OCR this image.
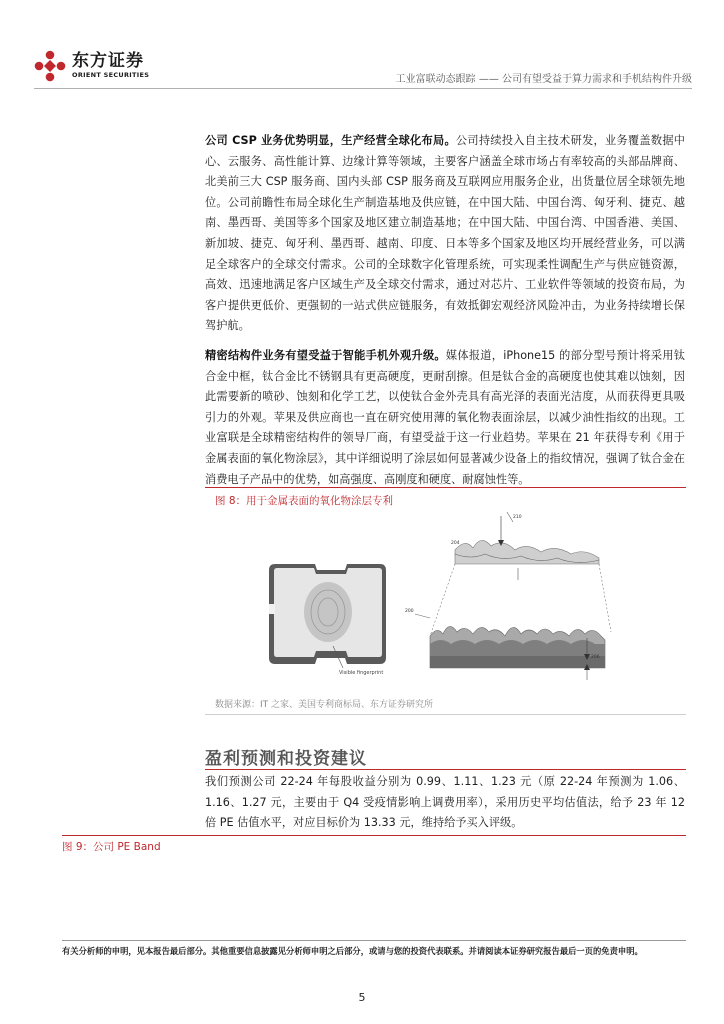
东方证券
ORIENT SECURITIES	工业富联动态跟踪 —— 公司有望受益于算力需求和手机结构件升级
公司 CSP 业务优势明显，生产经营全球化布局。公司持续投入自主技术研发，业务覆盖数据中心、云服务、高性能计算、边缘计算等领域，主要客户涵盖全球市场占有率较高的头部品牌商、北美前三大 CSP 服务商、国内头部 CSP 服务商及互联网应用服务企业，出货量位居全球领先地位。公司前瞻性布局全球化生产制造基地及供应链，在中国大陆、中国台湾、匈牙利、捷克、越南、墨西哥、美国等多个国家及地区建立制造基地；在中国大陆、中国台湾、中国香港、美国、新加坡、捷克、匈牙利、墨西哥、越南、印度、日本等多个国家及地区均开展经营业务，可以满足全球客户的全球交付需求。公司的全球数字化管理系统，可实现柔性调配生产与供应链资源，高效、迅速地满足客户区域生产及全球交付需求，通过对芯片、工业软件等领域的投资布局，为客户提供更低价、更强韧的一站式供应链服务，有效抵御宏观经济风险冲击，为业务持续增长保驾护航。
精密结构件业务有望受益于智能手机外观升级。媒体报道，iPhone15 的部分型号预计将采用钛合金中框，钛合金比不锈钢具有更高硬度，更耐刮擦。但是钛合金的高硬度也使其难以蚀刻，因此需要新的喷砂、蚀刻和化学工艺，以使钛合金外壳具有高光泽的表面光洁度，从而获得更具吸引力的外观。苹果及供应商也一直在研究使用薄的氧化物表面涂层，以减少油性指纹的出现。工业富联是全球精密结构件的领导厂商，有望受益于这一行业趋势。苹果在 21 年获得专利《用于金属表面的氧化物涂层》，其中详细说明了涂层如何显著减少设备上的指纹情况，强调了钛合金在消费电子产品中的优势，如高强度、高刚度和硬度、耐腐蚀性等。
图 8：用于金属表面的氧化物涂层专利
Visible fingerprint
210
204
200
206
数据来源：IT 之家、美国专利商标局、东方证券研究所
盈利预测和投资建议
我们预测公司 22-24 年每股收益分别为 0.99、1.11、1.23 元（原 22-24 年预测为 1.06、1.16、1.27 元，主要由于 Q4 受疫情影响上调费用率），采用历史平均估值法，给予 23 年 12 倍 PE 估值水平，对应目标价为 13.33 元，维持给予买入评级。
图 9：公司 PE Band
有关分析师的申明，见本报告最后部分。其他重要信息披露见分析师申明之后部分，或请与您的投资代表联系。并请阅读本证券研究报告最后一页的免责申明。
5
